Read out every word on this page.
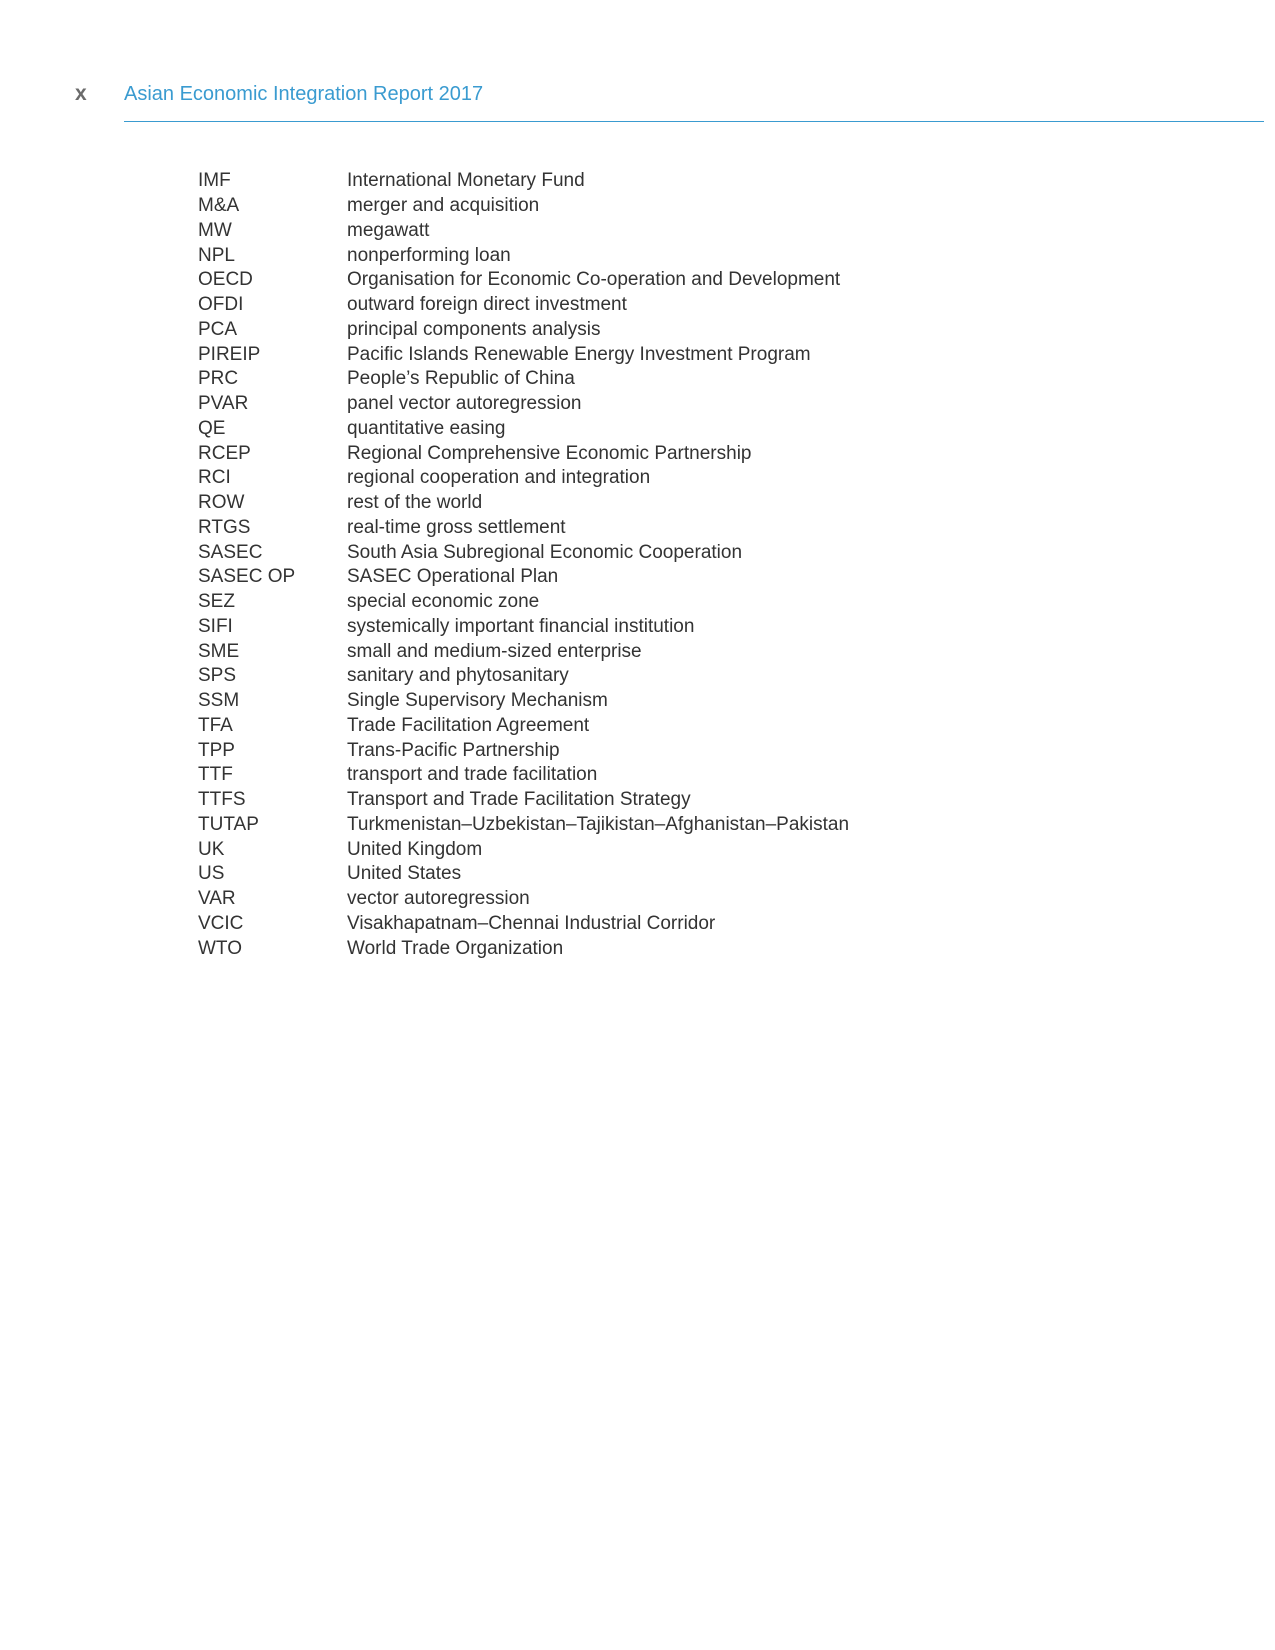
x Asian Economic Integration Report 2017
IMF	International Monetary Fund
M&A	merger and acquisition
MW	megawatt
NPL	nonperforming loan
OECD	Organisation for Economic Co-operation and Development
OFDI	outward foreign direct investment
PCA	principal components analysis
PIREIP	Pacific Islands Renewable Energy Investment Program
PRC	People’s Republic of China
PVAR	panel vector autoregression
QE	quantitative easing
RCEP	Regional Comprehensive Economic Partnership
RCI	regional cooperation and integration
ROW	rest of the world
RTGS	real-time gross settlement
SASEC	South Asia Subregional Economic Cooperation
SASEC OP	SASEC Operational Plan
SEZ	special economic zone
SIFI	systemically important financial institution
SME	small and medium-sized enterprise
SPS	sanitary and phytosanitary
SSM	Single Supervisory Mechanism
TFA	Trade Facilitation Agreement
TPP	Trans-Pacific Partnership
TTF	transport and trade facilitation
TTFS	Transport and Trade Facilitation Strategy
TUTAP	Turkmenistan–Uzbekistan–Tajikistan–Afghanistan–Pakistan
UK	United Kingdom
US	United States
VAR	vector autoregression
VCIC	Visakhapatnam–Chennai Industrial Corridor
WTO	World Trade Organization
